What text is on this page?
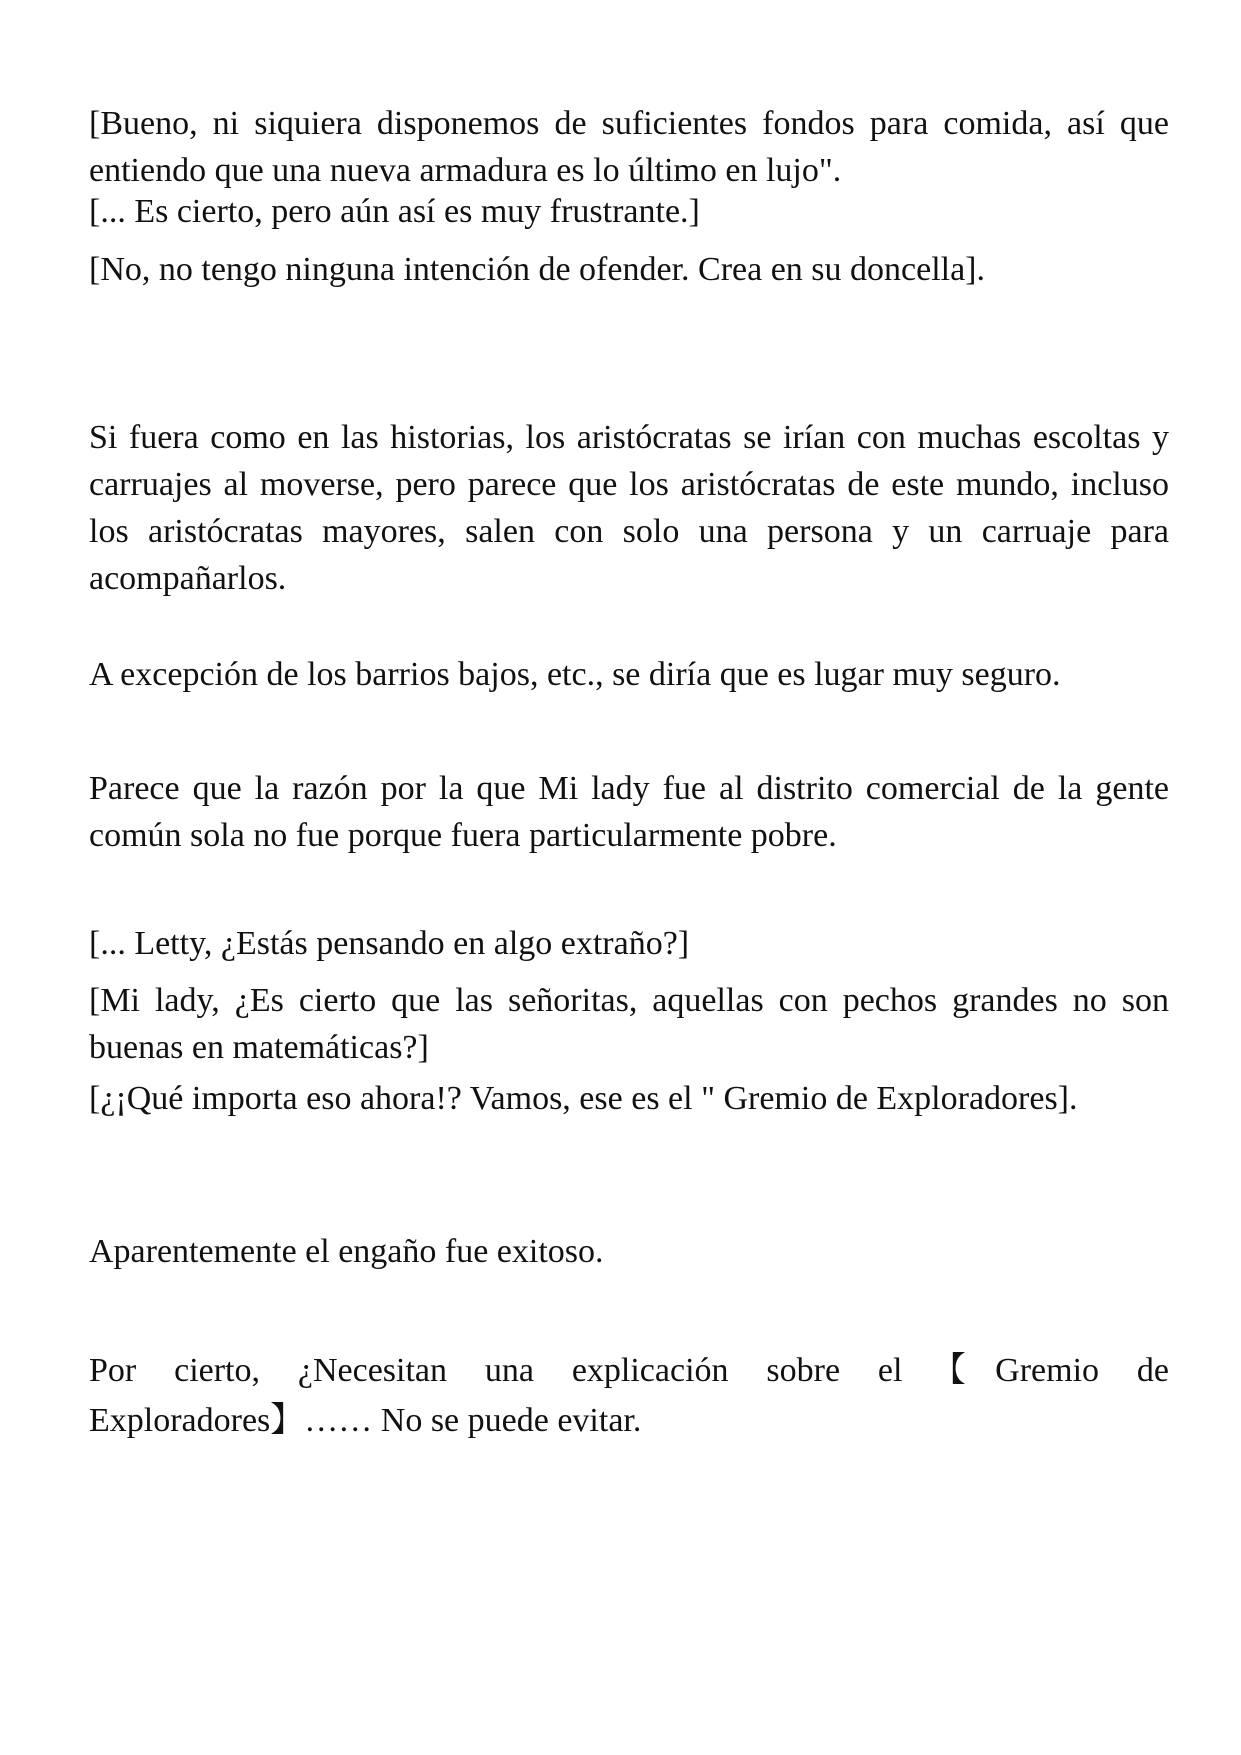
[Bueno, ni siquiera disponemos de suficientes fondos para comida, así que entiendo que una nueva armadura es lo último en lujo".

[... Es cierto, pero aún así es muy frustrante.]

[No, no tengo ninguna intención de ofender. Crea en su doncella].

Si fuera como en las historias, los aristócratas se irían con muchas escoltas y carruajes al moverse, pero parece que los aristócratas de este mundo, incluso los aristócratas mayores, salen con solo una persona y un carruaje para acompañarlos.

A excepción de los barrios bajos, etc., se diría que es lugar muy seguro.

Parece que la razón por la que Mi lady fue al distrito comercial de la gente común sola no fue porque fuera particularmente pobre.

[... Letty, ¿Estás pensando en algo extraño?]

[Mi lady, ¿Es cierto que las señoritas, aquellas con pechos grandes no son buenas en matemáticas?]

[¿¡Qué importa eso ahora!? Vamos, ese es el " Gremio de Exploradores].

Aparentemente el engaño fue exitoso.

Por cierto, ¿Necesitan una explicación sobre el【Gremio de Exploradores】…… No se puede evitar.
